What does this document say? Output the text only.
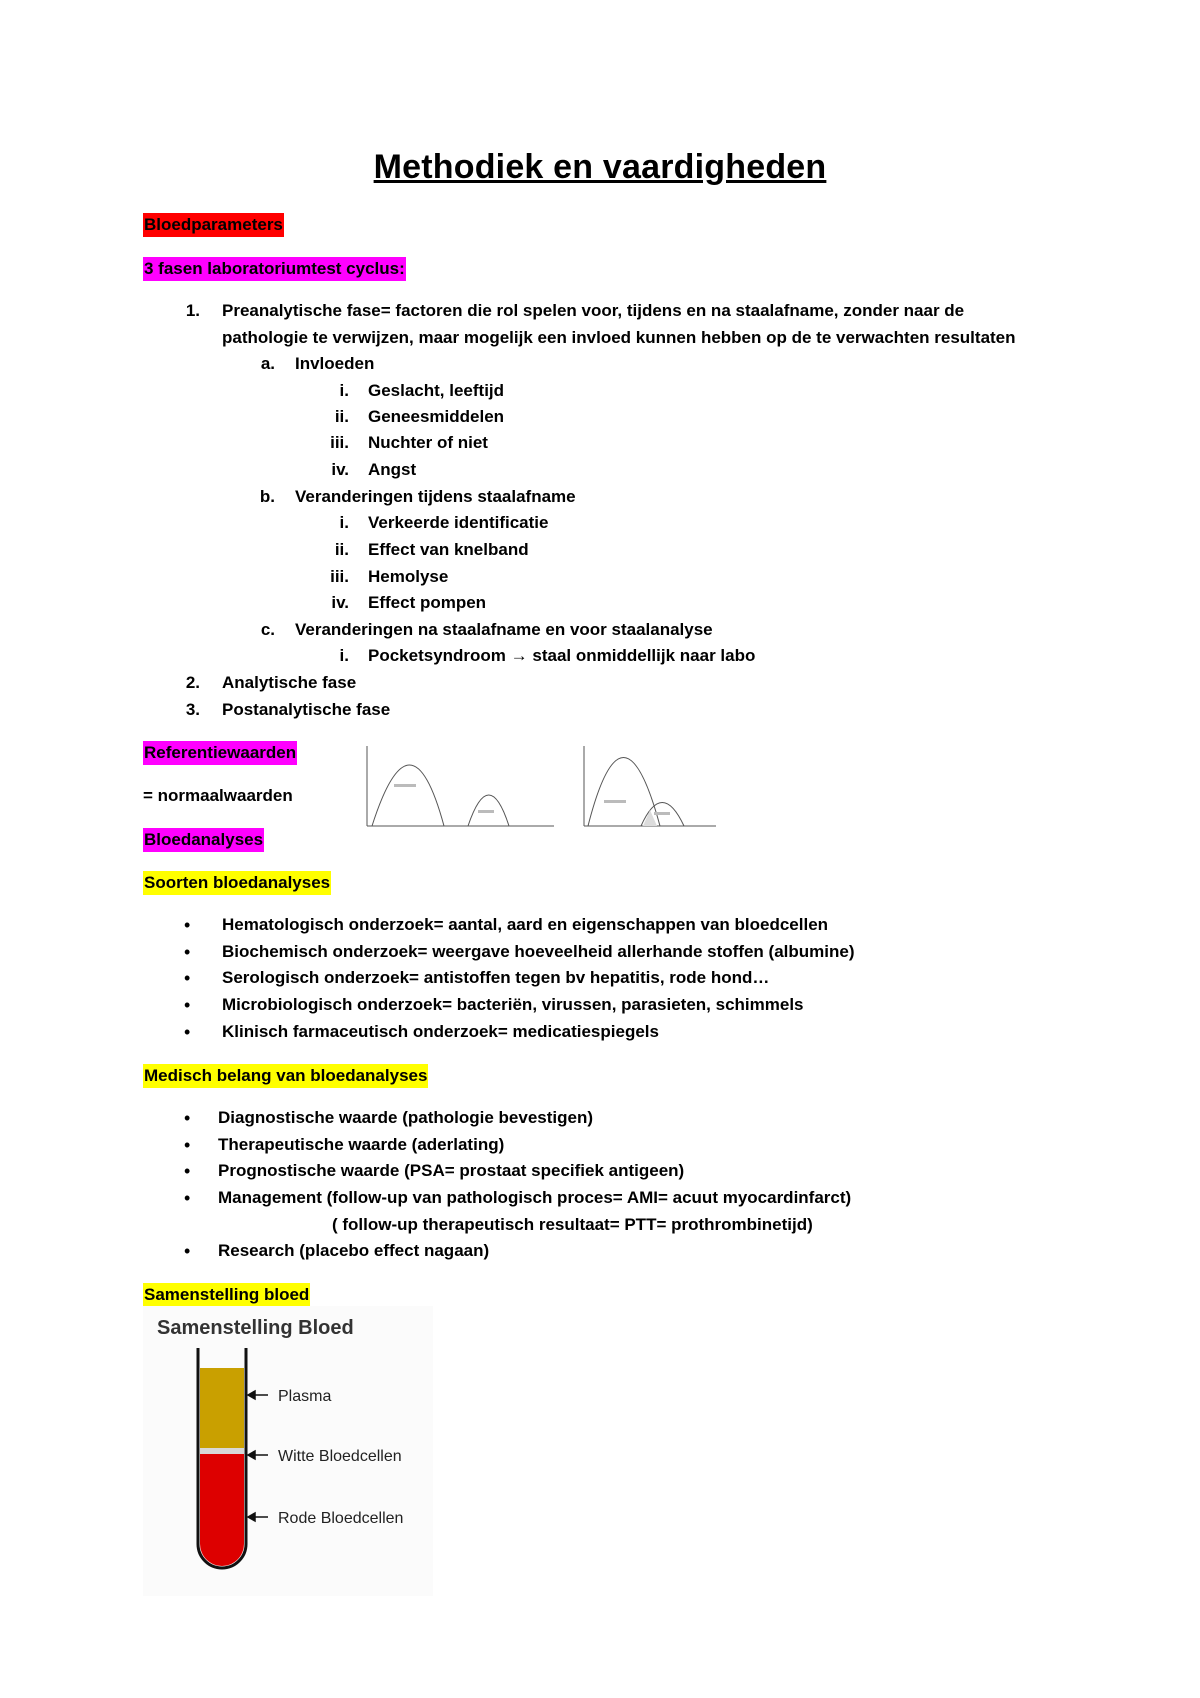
Methodiek en vaardigheden
Bloedparameters
3 fasen laboratoriumtest cyclus:
1. Preanalytische fase= factoren die rol spelen voor, tijdens en na staalafname, zonder naar de
pathologie te verwijzen, maar mogelijk een invloed kunnen hebben op de te verwachten resultaten
a. Invloeden
i. Geslacht, leeftijd
ii. Geneesmiddelen
iii. Nuchter of niet
iv. Angst
b. Veranderingen tijdens staalafname
i. Verkeerde identificatie
ii. Effect van knelband
iii. Hemolyse
iv. Effect pompen
c. Veranderingen na staalafname en voor staalanalyse
i. Pocketsyndroom → staal onmiddellijk naar labo
2. Analytische fase
3. Postanalytische fase
Referentiewaarden
= normaalwaarden
Bloedanalyses
Soorten bloedanalyses
• Hematologisch onderzoek= aantal, aard en eigenschappen van bloedcellen
• Biochemisch onderzoek= weergave hoeveelheid allerhande stoffen (albumine)
• Serologisch onderzoek= antistoffen tegen bv hepatitis, rode hond…
• Microbiologisch onderzoek= bacteriën, virussen, parasieten, schimmels
• Klinisch farmaceutisch onderzoek= medicatiespiegels
Medisch belang van bloedanalyses
• Diagnostische waarde (pathologie bevestigen)
• Therapeutische waarde (aderlating)
• Prognostische waarde (PSA= prostaat specifiek antigeen)
• Management (follow-up van pathologisch proces= AMI= acuut myocardinfarct)
( follow-up therapeutisch resultaat= PTT= prothrombinetijd)
• Research (placebo effect nagaan)
Samenstelling bloed
Samenstelling Bloed
Plasma
Witte Bloedcellen
Rode Bloedcellen
